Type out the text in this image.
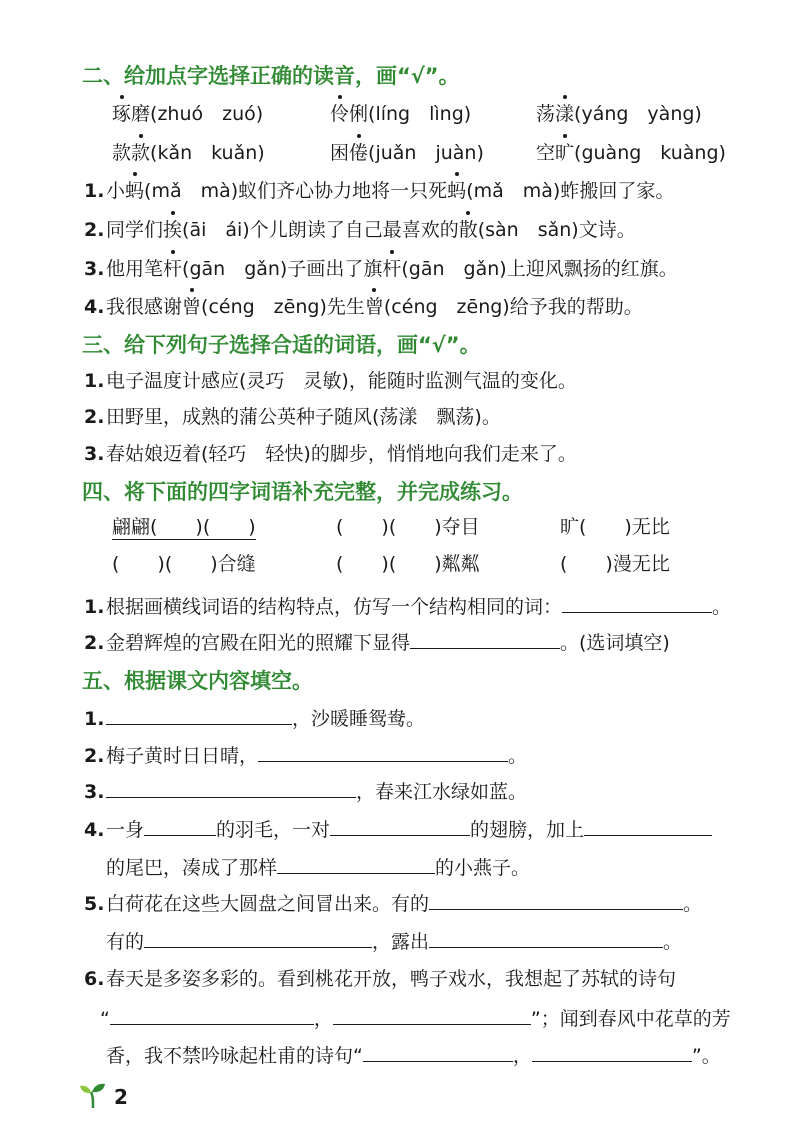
二、给加点字选择正确的读音，画“√”。
琢磨(zhuó　zuó)	伶俐(líng　lìng)	荡漾(yáng　yàng)
款款(kǎn　kuǎn)	困倦(juǎn　juàn)	空旷(guàng　kuàng)
1.小蚂(mǎ　mà)蚁们齐心协力地将一只死蚂(mǎ　mà)蚱搬回了家。
2.同学们挨(āi　ái)个儿朗读了自己最喜欢的散(sàn　sǎn)文诗。
3.他用笔杆(gān　gǎn)子画出了旗杆(gān　gǎn)上迎风飘扬的红旗。
4.我很感谢曾(céng　zēng)先生曾(céng　zēng)给予我的帮助。
三、给下列句子选择合适的词语，画“√”。
1.电子温度计感应(灵巧　灵敏)，能随时监测气温的变化。
2.田野里，成熟的蒲公英种子随风(荡漾　飘荡)。
3.春姑娘迈着(轻巧　轻快)的脚步，悄悄地向我们走来了。
四、将下面的四字词语补充完整，并完成练习。
翩翩(　　)(　　)	(　　)(　　)夺目	旷(　　)无比
(　　)(　　)合缝	(　　)(　　)粼粼	(　　)漫无比
1.根据画横线词语的结构特点，仿写一个结构相同的词：	。
2.金碧辉煌的宫殿在阳光的照耀下显得	。(选词填空)
五、根据课文内容填空。
1.	，沙暖睡鸳鸯。
2.梅子黄时日日晴，	。
3.	，春来江水绿如蓝。
4.一身	的羽毛，一对	的翅膀，加上
的尾巴，凑成了那样	的小燕子。
5.白荷花在这些大圆盘之间冒出来。有的	。
有的	，露出	。
6.春天是多姿多彩的。看到桃花开放，鸭子戏水，我想起了苏轼的诗句
“	，	”；闻到春风中花草的芳
香，我不禁吟咏起杜甫的诗句“	，	”。
2
